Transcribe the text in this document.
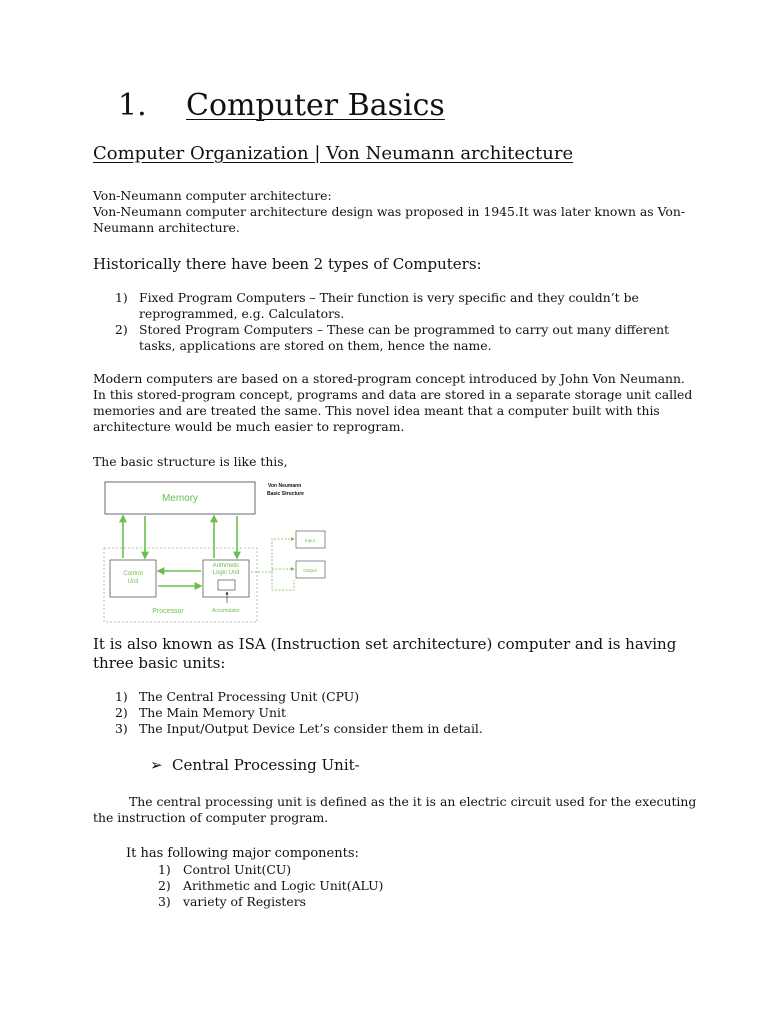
1. Computer Basics
Computer Organization | Von Neumann architecture
Von-Neumann computer architecture:
Von-Neumann computer architecture design was proposed in 1945.It was later known as Von-
Neumann architecture.
Historically there have been 2 types of Computers:
1) Fixed Program Computers – Their function is very specific and they couldn’t be
reprogrammed, e.g. Calculators.
2) Stored Program Computers – These can be programmed to carry out many different
tasks, applications are stored on them, hence the name.
Modern computers are based on a stored-program concept introduced by John Von Neumann.
In this stored-program concept, programs and data are stored in a separate storage unit called
memories and are treated the same. This novel idea meant that a computer built with this
architecture would be much easier to reprogram.
The basic structure is like this,
Memory
Von Neumann
Basic Structure
Control
Unit
Arithmetic
Logic Unit
Accumulator
Processor
Input
Output
It is also known as ISA (Instruction set architecture) computer and is having
three basic units:
1) The Central Processing Unit (CPU)
2) The Main Memory Unit
3) The Input/Output Device Let’s consider them in detail.
➢ Central Processing Unit-
The central processing unit is defined as the it is an electric circuit used for the executing
the instruction of computer program.
It has following major components:
1) Control Unit(CU)
2) Arithmetic and Logic Unit(ALU)
3) variety of Registers
